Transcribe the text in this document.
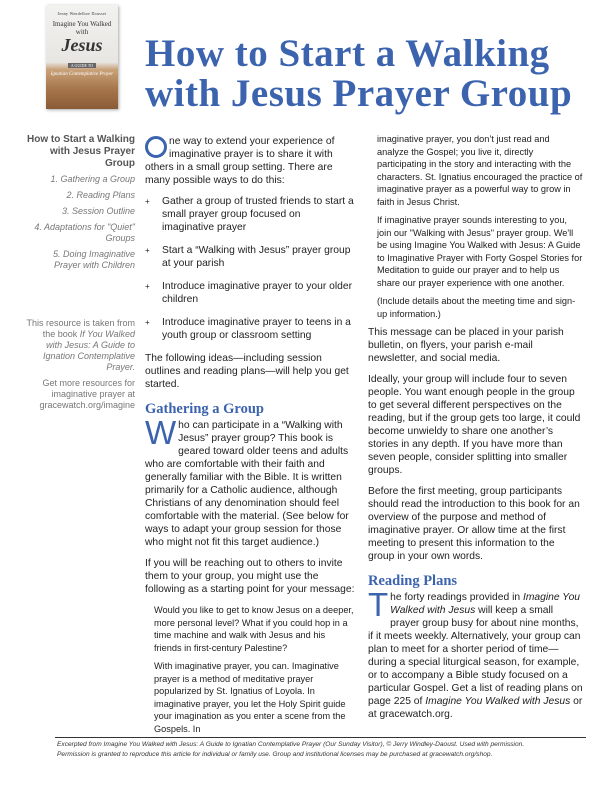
Jenny Wendelboe Dousset
Imagine You Walked with
Jesus
A GUIDE TO
Ignatian Contemplative Prayer How to Start a Walking
with Jesus Prayer Group
How to Start a Walking with Jesus Prayer Group
1. Gathering a Group
2. Reading Plans
3. Session Outline
4. Adaptations for "Quiet" Groups
5. Doing Imaginative Prayer with Children

This resource is taken from the book If You Walked with Jesus: A Guide to Ignation Contemplative Prayer.

Get more resources for imaginative prayer at gracewatch.org/imagine

ne way to extend your experience of imaginative prayer is to share it with others in a small group setting. There are many possible ways to do this:

+ Gather a group of trusted friends to start a small prayer group focused on imaginative prayer
+ Start a “Walking with Jesus” prayer group at your parish
+ Introduce imaginative prayer to your older children
+ Introduce imaginative prayer to teens in a youth group or classroom setting

The following ideas—including session outlines and reading plans—will help you get started.

Gathering a Group

Who can participate in a “Walking with Jesus” prayer group? This book is geared toward older teens and adults who are comfortable with their faith and generally familiar with the Bible. It is written primarily for a Catholic audience, although Christians of any denomination should feel comfortable with the material. (See below for ways to adapt your group session for those who might not fit this target audience.)

If you will be reaching out to others to invite them to your group, you might use the following as a starting point for your message:

Would you like to get to know Jesus on a deeper, more personal level? What if you could hop in a time machine and walk with Jesus and his friends in first-century Palestine?

With imaginative prayer, you can. Imaginative prayer is a method of meditative prayer popularized by St. Ignatius of Loyola. In imaginative prayer, you let the Holy Spirit guide your imagination as you enter a scene from the Gospels. In

imaginative prayer, you don’t just read and analyze the Gospel; you live it, directly participating in the story and interacting with the characters. St. Ignatius encouraged the practice of imaginative prayer as a powerful way to grow in faith in Jesus Christ.

If imaginative prayer sounds interesting to you, join our "Walking with Jesus" prayer group. We'll be using Imagine You Walked with Jesus: A Guide to Imaginative Prayer with Forty Gospel Stories for Meditation to guide our prayer and to help us share our prayer experience with one another.

(Include details about the meeting time and sign-up information.)

This message can be placed in your parish bulletin, on flyers, your parish e-mail newsletter, and social media.

Ideally, your group will include four to seven people. You want enough people in the group to get several different perspectives on the reading, but if the group gets too large, it could become unwieldy to share one another’s stories in any depth. If you have more than seven people, consider splitting into smaller groups.

Before the first meeting, group participants should read the introduction to this book for an overview of the purpose and method of imaginative prayer. Or allow time at the first meeting to present this information to the group in your own words.

Reading Plans

The forty readings provided in Imagine You Walked with Jesus will keep a small prayer group busy for about nine months, if it meets weekly. Alternatively, your group can plan to meet for a shorter period of time—during a special liturgical season, for example, or to accompany a Bible study focused on a particular Gospel. Get a list of reading plans on page 225 of Imagine You Walked with Jesus or at gracewatch.org.

Excerpted from Imagine You Walked with Jesus: A Guide to Ignatian Contemplative Prayer (Our Sunday Visitor), © Jerry Windley-Daoust. Used with permission.
Permission is granted to reproduce this article for individual or family use. Group and institutional licenses may be purchased at gracewatch.org/shop.
